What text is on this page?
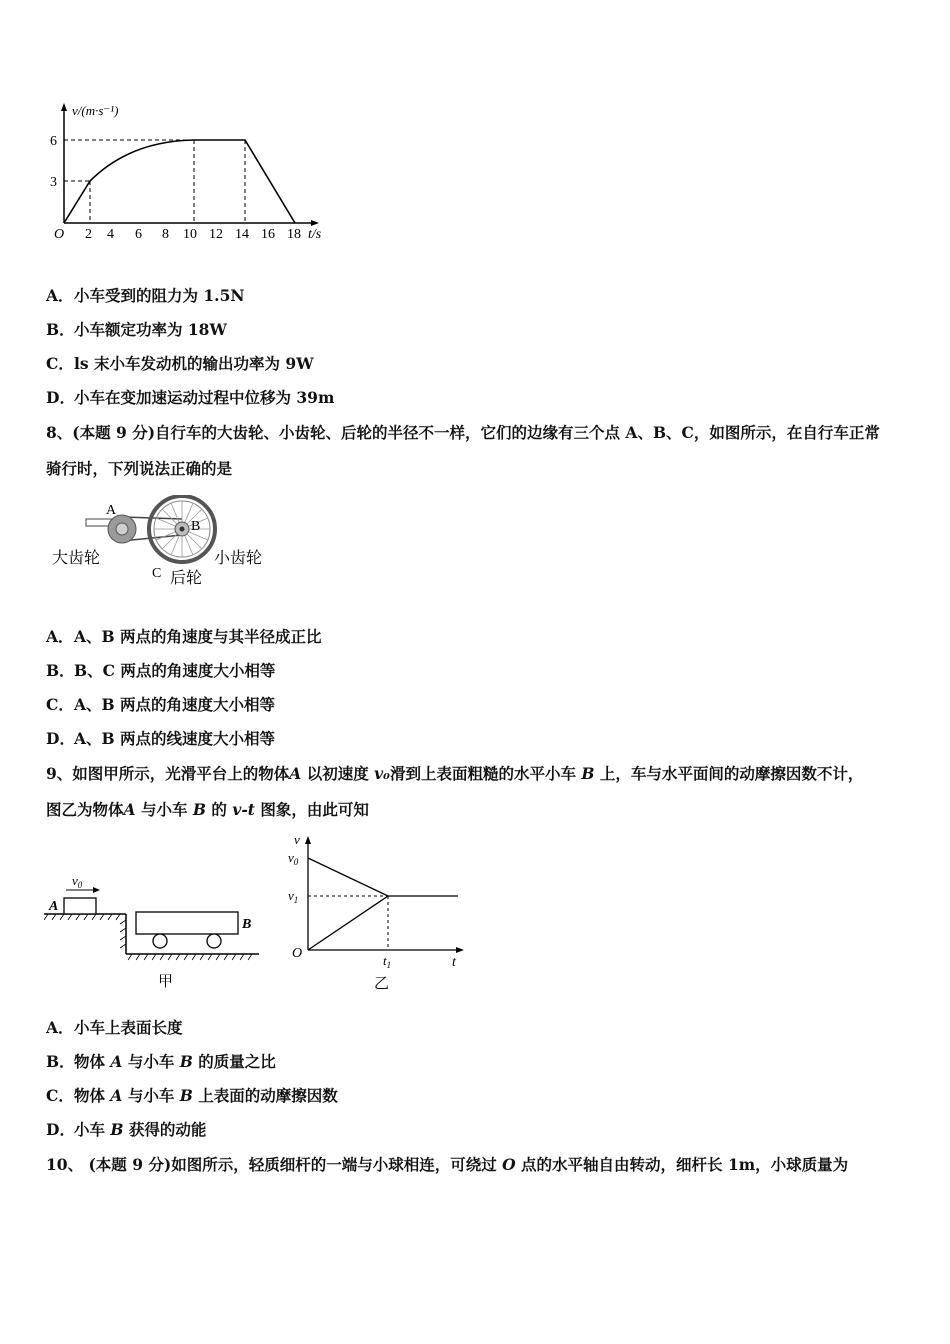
v/(m·s⁻¹)
6
3
O 2 4 6 8 10 12 14 16 18 t/s
A．小车受到的阻力为 1.5N
B．小车额定功率为 18W
C．ls 末小车发动机的输出功率为 9W
D．小车在变加速运动过程中位移为 39m
8、(本题 9 分)自行车的大齿轮、小齿轮、后轮的半径不一样，它们的边缘有三个点 A、B、C，如图所示，在自行车正常
骑行时，下列说法正确的是
A
B
C
大齿轮	小齿轮
后轮
A．A、B 两点的角速度与其半径成正比
B．B、C 两点的角速度大小相等
C．A、B 两点的角速度大小相等
D．A、B 两点的线速度大小相等
9、如图甲所示，光滑平台上的物体A 以初速度 v₀滑到上表面粗糙的水平小车 B 上，车与水平面间的动摩擦因数不计，
图乙为物体A 与小车 B 的 v-t 图象，由此可知
$v_0$
A
B
甲
v
$v_0$
$v_1$
O	$t_1$	t
乙
A．小车上表面长度
B．物体 A 与小车 B 的质量之比
C．物体 A 与小车 B 上表面的动摩擦因数
D．小车 B 获得的动能
10、 (本题 9 分)如图所示，轻质细杆的一端与小球相连，可绕过 O 点的水平轴自由转动，细杆长 1m，小球质量为
